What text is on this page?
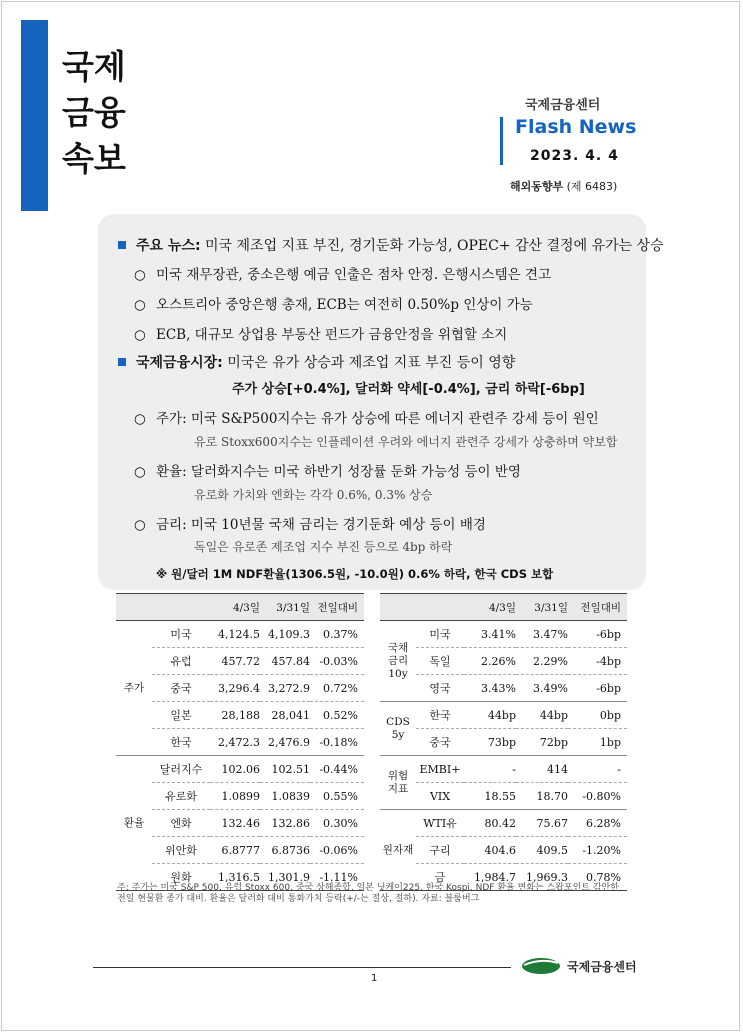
국제
금융
속보
국제금융센터
Flash News
2023. 4. 4
해외동향부 (제 6483)
주요 뉴스: 미국 제조업 지표 부진, 경기둔화 가능성, OPEC+ 감산 결정에 유가는 상승
○ 미국 재무장관, 중소은행 예금 인출은 점차 안정. 은행시스템은 견고
○ 오스트리아 중앙은행 총재, ECB는 여전히 0.50%p 인상이 가능
○ ECB, 대규모 상업용 부동산 펀드가 금융안정을 위협할 소지
국제금융시장: 미국은 유가 상승과 제조업 지표 부진 등이 영향
주가 상승[+0.4%], 달러화 약세[-0.4%], 금리 하락[-6bp]
○ 주가: 미국 S&P500지수는 유가 상승에 따른 에너지 관련주 강세 등이 원인
유로 Stoxx600지수는 인플레이션 우려와 에너지 관련주 강세가 상충하며 약보합
○ 환율: 달러화지수는 미국 하반기 성장률 둔화 가능성 등이 반영
유로화 가치와 엔화는 각각 0.6%, 0.3% 상승
○ 금리: 미국 10년물 국채 금리는 경기둔화 예상 등이 배경
독일은 유로존 제조업 지수 부진 등으로 4bp 하락
※ 원/달러 1M NDF환율(1306.5원, -10.0원) 0.6% 하락, 한국 CDS 보합
		4/3일	3/31일	전일대비
주가	미국	4,124.5	4,109.3	0.37%
	유럽	457.72	457.84	-0.03%
	중국	3,296.4	3,272.9	0.72%
	일본	28,188	28,041	0.52%
	한국	2,472.3	2,476.9	-0.18%
환율	달러지수	102.06	102.51	-0.44%
	유로화	1.0899	1.0839	0.55%
	엔화	132.46	132.86	0.30%
	위안화	6.8777	6.8736	-0.06%
	원화	1,316.5	1,301.9	-1.11%
		4/3일	3/31일	전일대비

국채
금리
10y	미국	3.41%	3.47%	-6bp
	독일	2.26%	2.29%	-4bp
	영국	3.43%	3.49%	-6bp

CDS
5y	한국	44bp	44bp	0bp
	중국	73bp	72bp	1bp

위험
지표	EMBI+	-	414	-
	VIX	18.55	18.70	-0.80%

원자재	WTI유	80.42	75.67	6.28%
	구리	404.6	409.5	-1.20%
	금	1,984.7	1,969.3	0.78%
주: 주가는 미국 S&P 500, 유럽 Stoxx 600, 중국 상해종합, 일본 닛케이225, 한국 Kospi. NDF 환율 변화는 스왑포인트 감안한 전일 현물환 종가 대비. 환율은 달러화 대비 통화가치 등락(+/-는 절상, 절하). 자료: 블룸버그
1
국제금융센터
